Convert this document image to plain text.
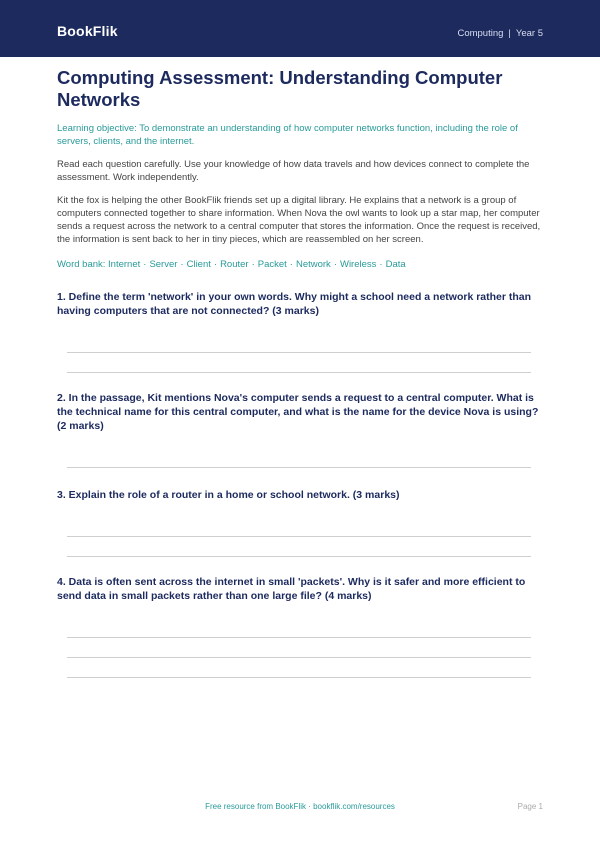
BookFlik	Computing | Year 5
Computing Assessment: Understanding Computer Networks

Learning objective: To demonstrate an understanding of how computer networks function, including the role of servers, clients, and the internet.

Read each question carefully. Use your knowledge of how data travels and how devices connect to complete the assessment. Work independently.

Kit the fox is helping the other BookFlik friends set up a digital library. He explains that a network is a group of computers connected together to share information. When Nova the owl wants to look up a star map, her computer sends a request across the network to a central computer that stores the information. Once the request is received, the information is sent back to her in tiny pieces, which are reassembled on her screen.

Word bank: Internet · Server · Client · Router · Packet · Network · Wireless · Data

1. Define the term 'network' in your own words. Why might a school need a network rather than having computers that are not connected? (3 marks)

2. In the passage, Kit mentions Nova's computer sends a request to a central computer. What is the technical name for this central computer, and what is the name for the device Nova is using? (2 marks)

3. Explain the role of a router in a home or school network. (3 marks)

4. Data is often sent across the internet in small 'packets'. Why is it safer and more efficient to send data in small packets rather than one large file? (4 marks)

Free resource from BookFlik · bookflik.com/resources	Page 1
